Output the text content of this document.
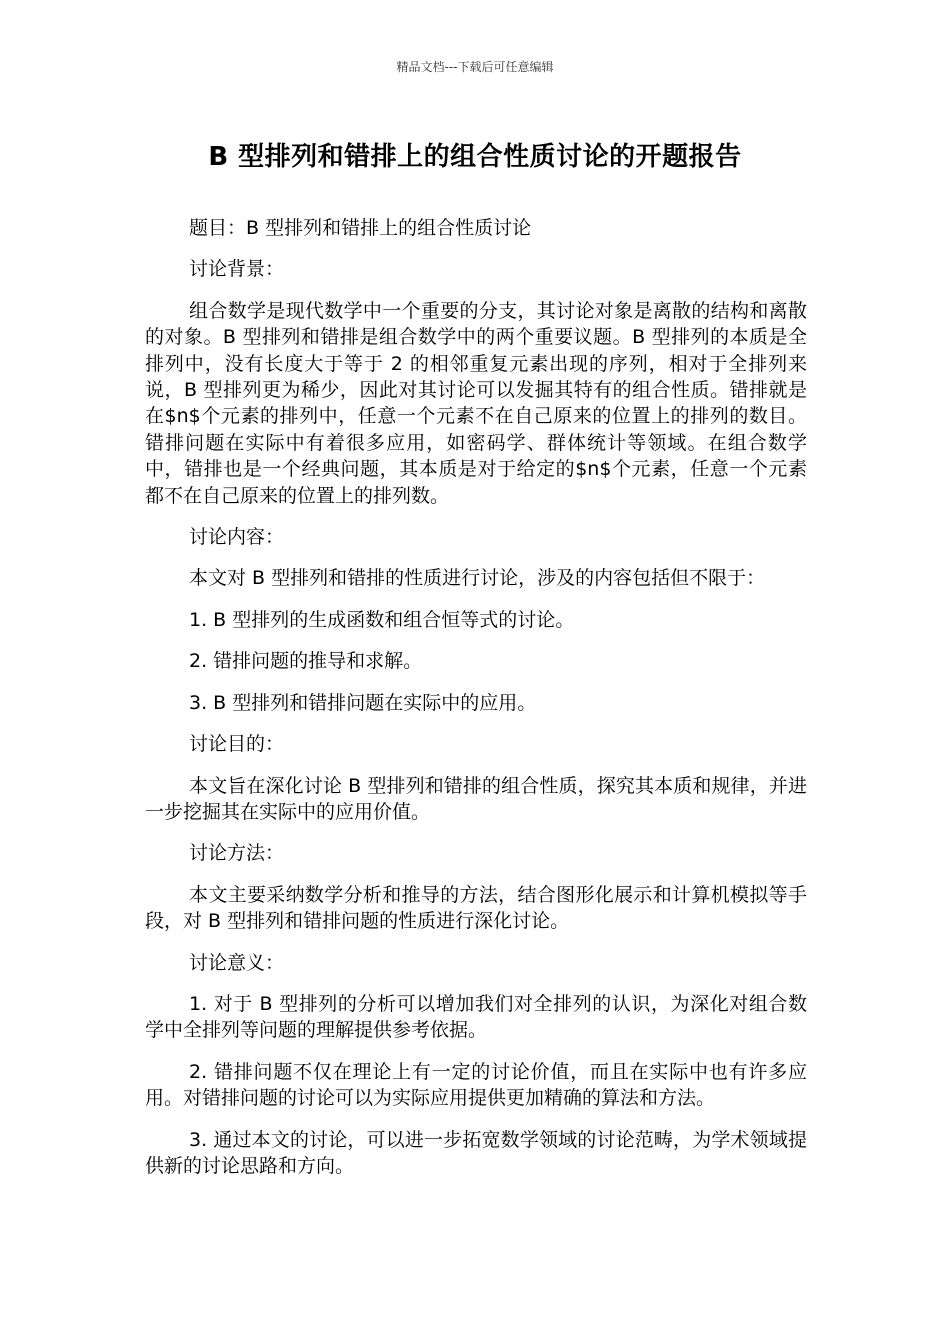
精品文档---下载后可任意编辑
B 型排列和错排上的组合性质讨论的开题报告

题目：B 型排列和错排上的组合性质讨论

讨论背景：

组合数学是现代数学中一个重要的分支，其讨论对象是离散的结构和离散的对象。B 型排列和错排是组合数学中的两个重要议题。B 型排列的本质是全排列中，没有长度大于等于 2 的相邻重复元素出现的序列，相对于全排列来说，B 型排列更为稀少，因此对其讨论可以发掘其特有的组合性质。错排就是在$n$个元素的排列中，任意一个元素不在自己原来的位置上的排列的数目。错排问题在实际中有着很多应用，如密码学、群体统计等领域。在组合数学中，错排也是一个经典问题，其本质是对于给定的$n$个元素，任意一个元素都不在自己原来的位置上的排列数。

讨论内容：

本文对 B 型排列和错排的性质进行讨论，涉及的内容包括但不限于：

1. B 型排列的生成函数和组合恒等式的讨论。

2. 错排问题的推导和求解。

3. B 型排列和错排问题在实际中的应用。

讨论目的：

本文旨在深化讨论 B 型排列和错排的组合性质，探究其本质和规律，并进一步挖掘其在实际中的应用价值。

讨论方法：

本文主要采纳数学分析和推导的方法，结合图形化展示和计算机模拟等手段，对 B 型排列和错排问题的性质进行深化讨论。

讨论意义：

1. 对于 B 型排列的分析可以增加我们对全排列的认识，为深化对组合数学中全排列等问题的理解提供参考依据。

2. 错排问题不仅在理论上有一定的讨论价值，而且在实际中也有许多应用。对错排问题的讨论可以为实际应用提供更加精确的算法和方法。

3. 通过本文的讨论，可以进一步拓宽数学领域的讨论范畴，为学术领域提供新的讨论思路和方向。
